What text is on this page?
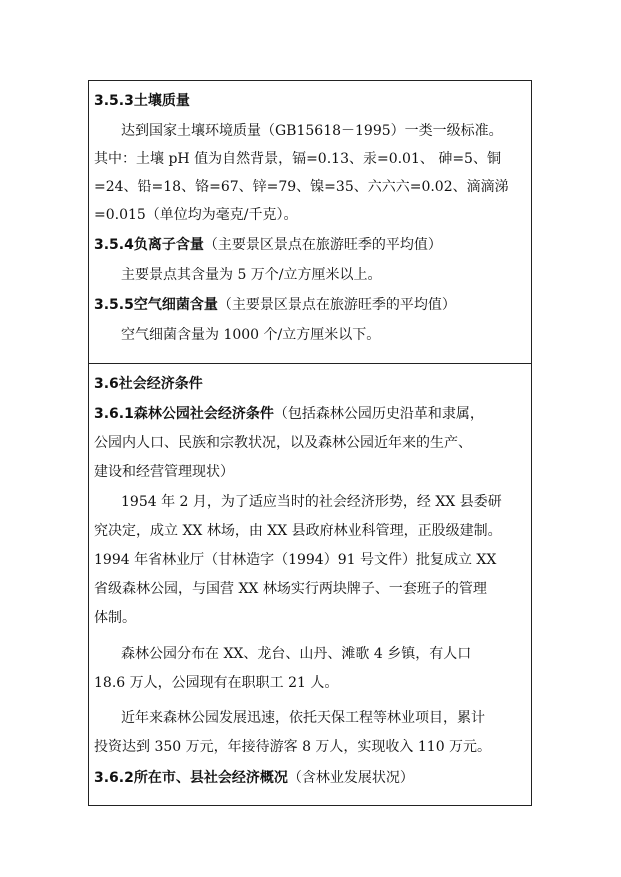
3.5.3土壤质量
达到国家土壤环境质量（GB15618－1995）一类一级标准。
其中：土壤 pH 值为自然背景，镉=0.13、汞=0.01、 砷=5、铜
=24、铅=18、铬=67、锌=79、镍=35、六六六=0.02、滴滴涕
=0.015（单位均为毫克/千克）。
3.5.4负离子含量（主要景区景点在旅游旺季的平均值）
主要景点其含量为 5 万个/立方厘米以上。
3.5.5空气细菌含量（主要景区景点在旅游旺季的平均值）
空气细菌含量为 1000 个/立方厘米以下。
3.6社会经济条件
3.6.1森林公园社会经济条件（包括森林公园历史沿革和隶属，
公园内人口、民族和宗教状况，以及森林公园近年来的生产、
建设和经营管理现状）
1954 年 2 月，为了适应当时的社会经济形势，经 XX 县委研
究决定，成立 XX 林场，由 XX 县政府林业科管理，正股级建制。
1994 年省林业厅（甘林造字（1994）91 号文件）批复成立 XX
省级森林公园，与国营 XX 林场实行两块牌子、一套班子的管理
体制。
森林公园分布在 XX、龙台、山丹、滩歌 4 乡镇，有人口
18.6 万人，公园现有在职职工 21 人。
近年来森林公园发展迅速，依托天保工程等林业项目，累计
投资达到 350 万元，年接待游客 8 万人，实现收入 110 万元。
3.6.2所在市、县社会经济概况（含林业发展状况）
